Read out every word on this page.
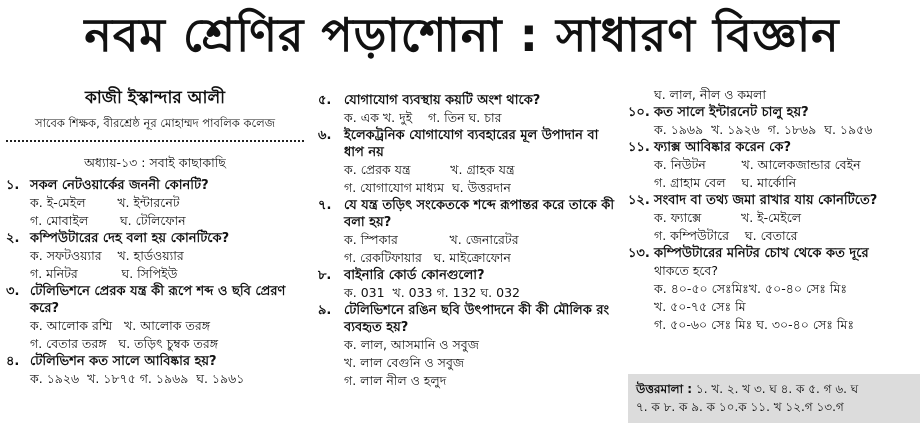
নবম শ্রেণির পড়াশোনা : সাধারণ বিজ্ঞান
কাজী ইস্কান্দার আলী
সাবেক শিক্ষক, বীরশ্রেষ্ঠ নূর মোহাম্মদ পাবলিক কলেজ
অধ্যায়-১৩ : সবাই কাছাকাছি
১. সকল নেটওয়ার্কের জননী কোনটি?
ক. ই-মেইল        খ. ইন্টারনেট
গ. মোবাইল        ঘ. টেলিফোন
২. কম্পিউটারের দেহ বলা হয় কোনটিকে?
ক. সফটওয়্যার    খ. হার্ডওয়্যার
গ. মনিটর           ঘ. সিপিইউ
৩. টেলিভিশনে প্রেরক যন্ত্র কী রূপে শব্দ ও ছবি প্রেরণ করে?
ক. আলোক রশ্মি   খ. আলোক তরঙ্গ
গ. বেতার তরঙ্গ   ঘ. তড়িৎ চুম্বক তরঙ্গ
৪. টেলিভিশন কত সালে আবিষ্কার হয়?
ক. ১৯২৬  খ. ১৮৭৫ গ. ১৯৬৯  ঘ. ১৯৬১
৫. যোগাযোগ ব্যবস্থায় কয়টি অংশ থাকে?
ক. এক খ. দুই    গ. তিন ঘ. চার
৬. ইলেকট্রনিক যোগাযোগ ব্যবহারের মূল উপাদান বা ধাপ নয়
ক. প্রেরক যন্ত্র          খ. গ্রাহক যন্ত্র
গ. যোগাযোগ মাধ্যম  ঘ. উত্তরদান
৭. যে যন্ত্র তড়িৎ সংকেতকে শব্দে রূপান্তর করে তাকে কী বলা হয়?
ক. স্পিকার             খ. জেনারেটর
গ. রেকটিফায়ার   ঘ. মাইক্রোফোন
৮. বাইনারি কোর্ড কোনগুলো?
ক. 031  খ. 033 গ. 132 ঘ. 032
৯. টেলিভিশনে রঙিন ছবি উৎপাদনে কী কী মৌলিক রং ব্যবহৃত হয়?
ক. লাল, আসমানি ও সবুজ
খ. লাল বেগুনি ও সবুজ
গ. লাল নীল ও হলুদ
ঘ. লাল, নীল ও কমলা
১০. কত সালে ইন্টারনেট চালু হয়?
ক. ১৯৬৯  খ. ১৯২৬  গ. ১৮৬৯  ঘ. ১৯৫৬
১১. ফ্যাক্স আবিষ্কার করেন কে?
ক. নিউটন         খ. আলেকজান্ডার বেইন
গ. গ্রাহাম বেল    ঘ. মার্কোনি
১২. সংবাদ বা তথ্য জমা রাখার যায় কোনটিতে?
ক. ফ্যাক্সে          খ. ই-মেইলে
গ. কম্পিউটারে    ঘ. বেতারে
১৩. কম্পিউটারের মনিটর চোখ থেকে কত দূরে
থাকতে হবে?
ক. ৪০-৫০ সেঃমিঃখ. ৫০-৪০ সেঃ মিঃ
খ. ৫০-৭৫ সেঃ মি
গ. ৫০-৬০ সেঃ মিঃ ঘ. ৩০-৪০ সেঃ মিঃ
উত্তরমালা : ১. খ. ২. খ ৩. ঘ ৪. ক ৫. গ ৬. ঘ
৭. ক ৮. ক ৯. ক ১০.ক ১১. খ ১২.গ ১৩.গ
